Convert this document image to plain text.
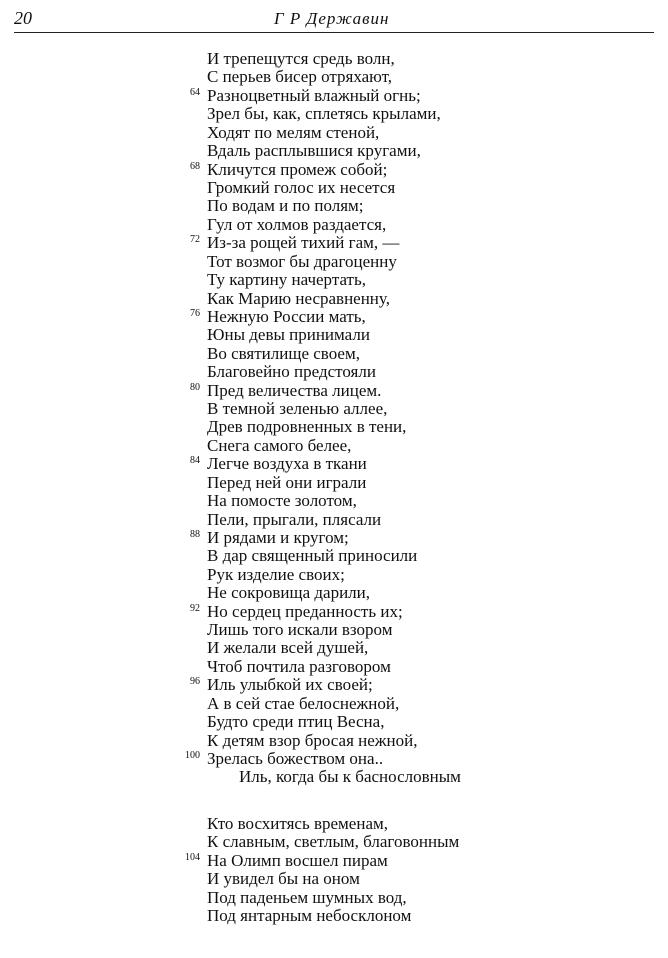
20	Г Р Державин
И трепещутся средь волн,
С перьев бисер отряхают,
Разноцветный влажный огнь;
64
Зрел бы, как, сплетясь крылами,
Ходят по мелям стеной,
Вдаль расплывшися кругами,
Кличутся промеж собой;
68
Громкий голос их несется
По водам и по полям;
Гул от холмов раздается,
Из-за рощей тихий гам, —
72
Тот возмог бы драгоценну
Ту картину начертать,
Как Марию несравненну,
Нежную России мать,
76
Юны девы принимали
Во святилище своем,
Благовейно предстояли
Пред величества лицем.
80
В темной зеленью аллее,
Древ подровненных в тени,
Снега самого белее,
Легче воздуха в ткани
84
Перед ней они играли
На помосте золотом,
Пели, прыгали, плясали
И рядами и кругом;
88
В дар священный приносили
Рук изделие своих;
Не сокровища дарили,
Но сердец преданность их;
92
Лишь того искали взором
И желали всей душей,
Чтоб почтила разговором
Иль улыбкой их своей;
96
А в сей стае белоснежной,
Будто среди птиц Весна,
К детям взор бросая нежной,
Зрелась божеством она..
100
Иль, когда бы к баснословным
Кто восхитясь временам,
К славным, светлым, благовонным
На Олимп восшел пирам
104
И увидел бы на оном
Под паденьем шумных вод,
Под янтарным небосклоном
